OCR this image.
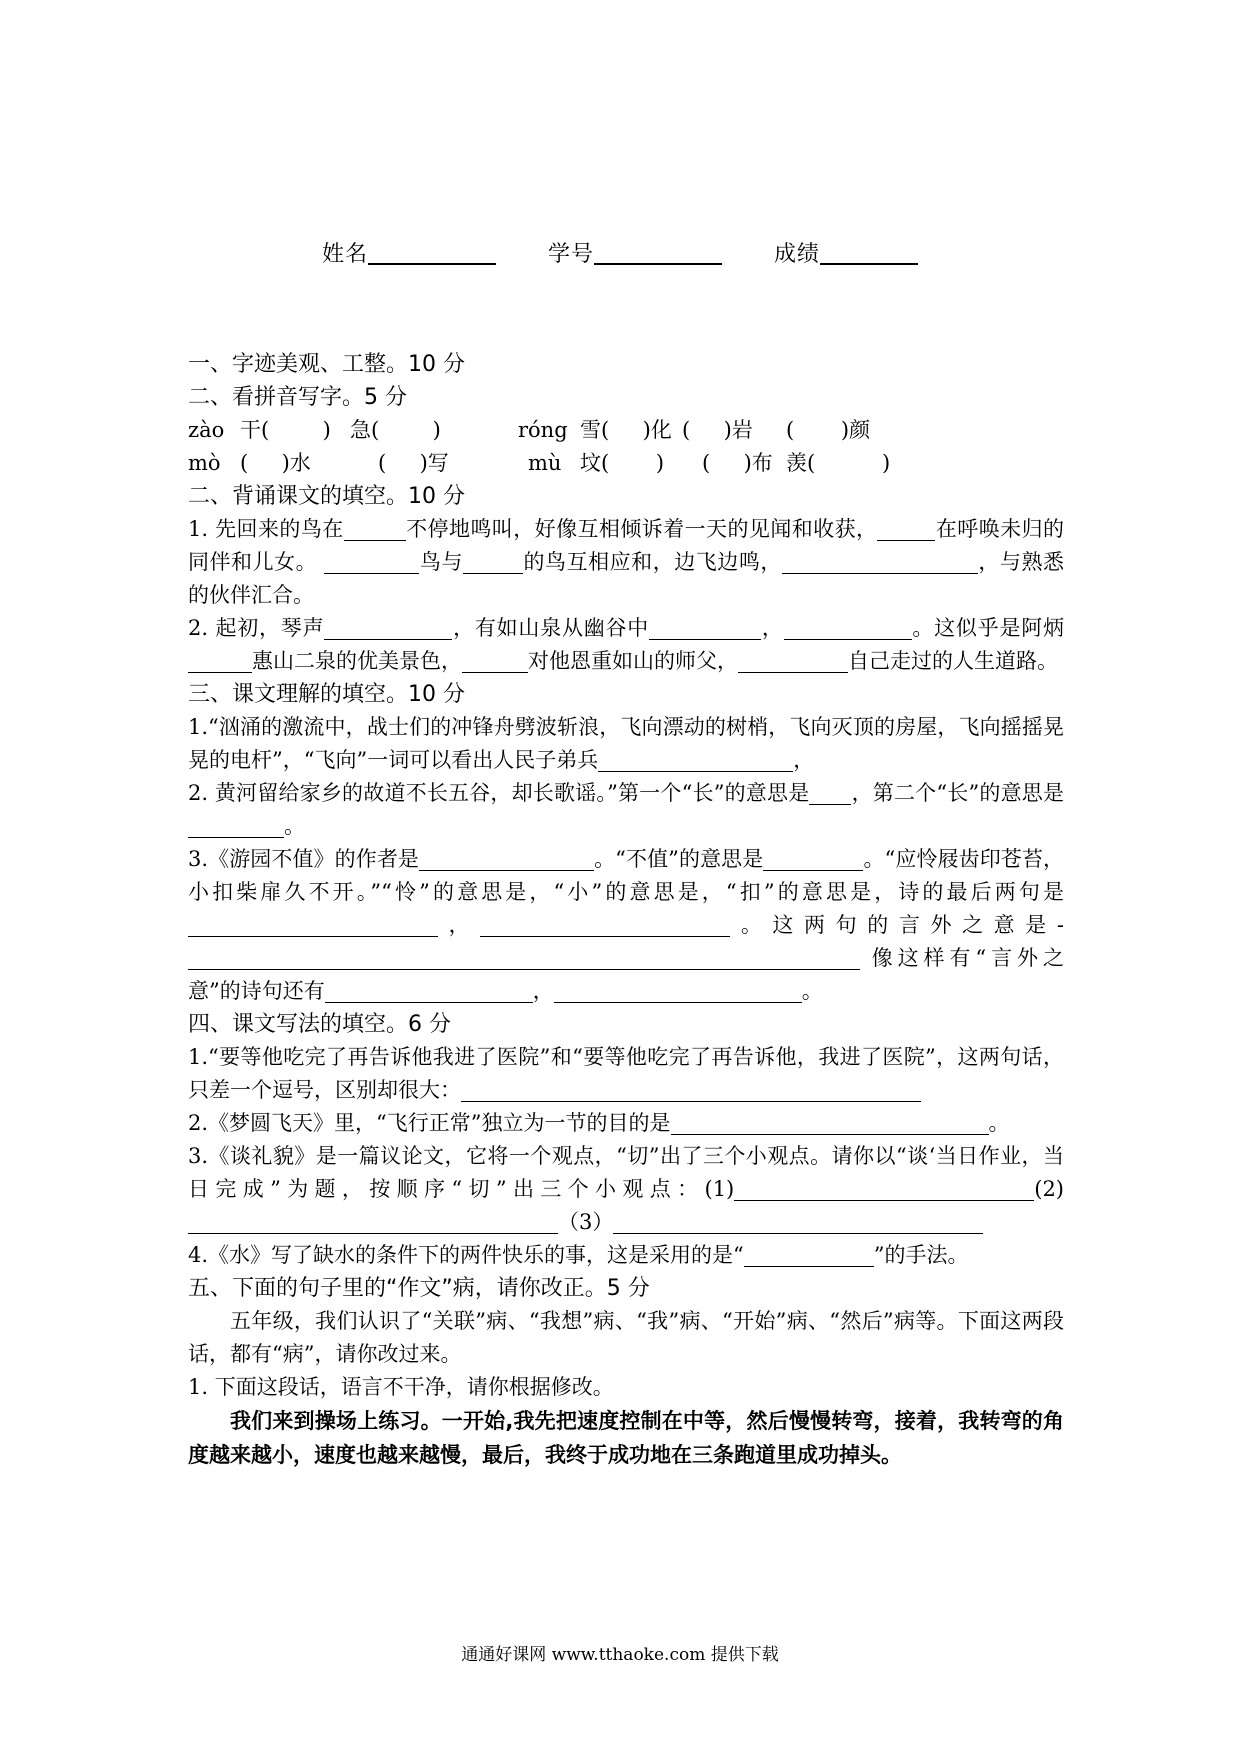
姓名	学号	成绩

一、字迹美观、工整。10 分

二、看拼音写字。5 分

zào 干(        ) 急(        )	róng 雪(     )化 (     )岩 (       )颜
mò (     )水	(     )写	mù 坟(       ) (     )布 羡(          )

二、背诵课文的填空。10 分

1. 先回来的鸟在	不停地鸣叫，好像互相倾诉着一天的见闻和收获，	在呼唤未归的同伴和儿女。	鸟与	的鸟互相应和，边飞边鸣，	，与熟悉的伙伴汇合。

2. 起初，琴声	，有如山泉从幽谷中	，	。这似乎是阿炳惠山二泉的优美景色，	对他恩重如山的师父，	自己走过的人生道路。

三、课文理解的填空。10 分

1.“汹涌的激流中，战士们的冲锋舟劈波斩浪，飞向漂动的树梢，飞向灭顶的房屋，飞向摇摇晃晃的电杆”，“飞向”一词可以看出人民子弟兵	，

2. 黄河留给家乡的故道不长五谷，却长歌谣。”第一个“长”的意思是 ，第二个“长”的意思是。

3.《游园不值》的作者是	。“不值”的意思是	。“应怜屐齿印苍苔，小扣柴扉久不开。”“怜”的意思是，“小”的意思是，“扣”的意思是，诗的最后两句是，	。这两句的言外之意是- 像这样有“言外之意”的诗句还有	，	。

四、课文写法的填空。6 分

1.“要等他吃完了再告诉他我进了医院”和“要等他吃完了再告诉他，我进了医院”，这两句话，只差一个逗号，区别却很大：

2.《梦圆飞天》里，“飞行正常”独立为一节的目的是	。

3.《谈礼貌》是一篇议论文，它将一个观点，“切”出了三个小观点。请你以“谈‘当日作业，当日完成”为题，按顺序“切”出三个小观点：(1)	(2)（3）

4.《水》写了缺水的条件下的两件快乐的事，这是采用的是“	”的手法。

五、下面的句子里的“作文”病，请你改正。5 分

五年级，我们认识了“关联”病、“我想”病、“我”病、“开始”病、“然后”病等。下面这两段话，都有“病”，请你改过来。

1. 下面这段话，语言不干净，请你根据修改。

我们来到操场上练习。一开始,我先把速度控制在中等，然后慢慢转弯，接着，我转弯的角度越来越小，速度也越来越慢，最后，我终于成功地在三条跑道里成功掉头。

通通好课网 www.tthaoke.com 提供下载
